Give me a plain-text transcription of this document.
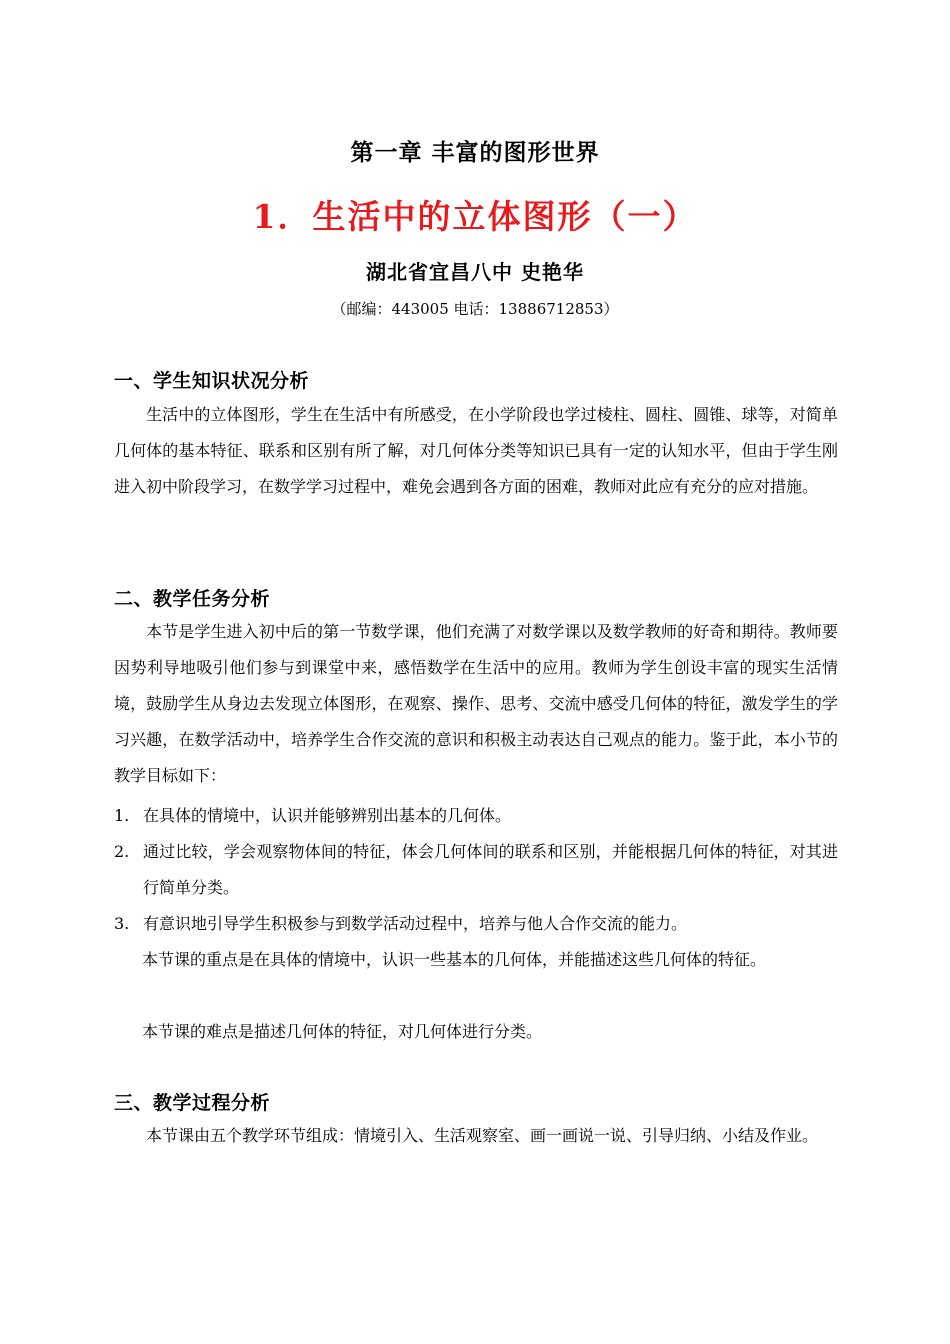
第一章 丰富的图形世界
1．生活中的立体图形（一）
湖北省宜昌八中 史艳华
（邮编：443005 电话：13886712853）
一、学生知识状况分析
生活中的立体图形，学生在生活中有所感受，在小学阶段也学过棱柱、圆柱、圆锥、球等，对简单几何体的基本特征、联系和区别有所了解，对几何体分类等知识已具有一定的认知水平，但由于学生刚进入初中阶段学习，在数学学习过程中，难免会遇到各方面的困难，教师对此应有充分的应对措施。
二、教学任务分析
本节是学生进入初中后的第一节数学课，他们充满了对数学课以及数学教师的好奇和期待。教师要因势利导地吸引他们参与到课堂中来，感悟数学在生活中的应用。教师为学生创设丰富的现实生活情境，鼓励学生从身边去发现立体图形，在观察、操作、思考、交流中感受几何体的特征，激发学生的学习兴趣，在数学活动中，培养学生合作交流的意识和积极主动表达自己观点的能力。鉴于此，本小节的教学目标如下：
1. 在具体的情境中，认识并能够辨别出基本的几何体。
2. 通过比较，学会观察物体间的特征，体会几何体间的联系和区别，并能根据几何体的特征，对其进行简单分类。
3. 有意识地引导学生积极参与到数学活动过程中，培养与他人合作交流的能力。
本节课的重点是在具体的情境中，认识一些基本的几何体，并能描述这些几何体的特征。
本节课的难点是描述几何体的特征，对几何体进行分类。
三、教学过程分析
本节课由五个教学环节组成：情境引入、生活观察室、画一画说一说、引导归纳、小结及作业。
